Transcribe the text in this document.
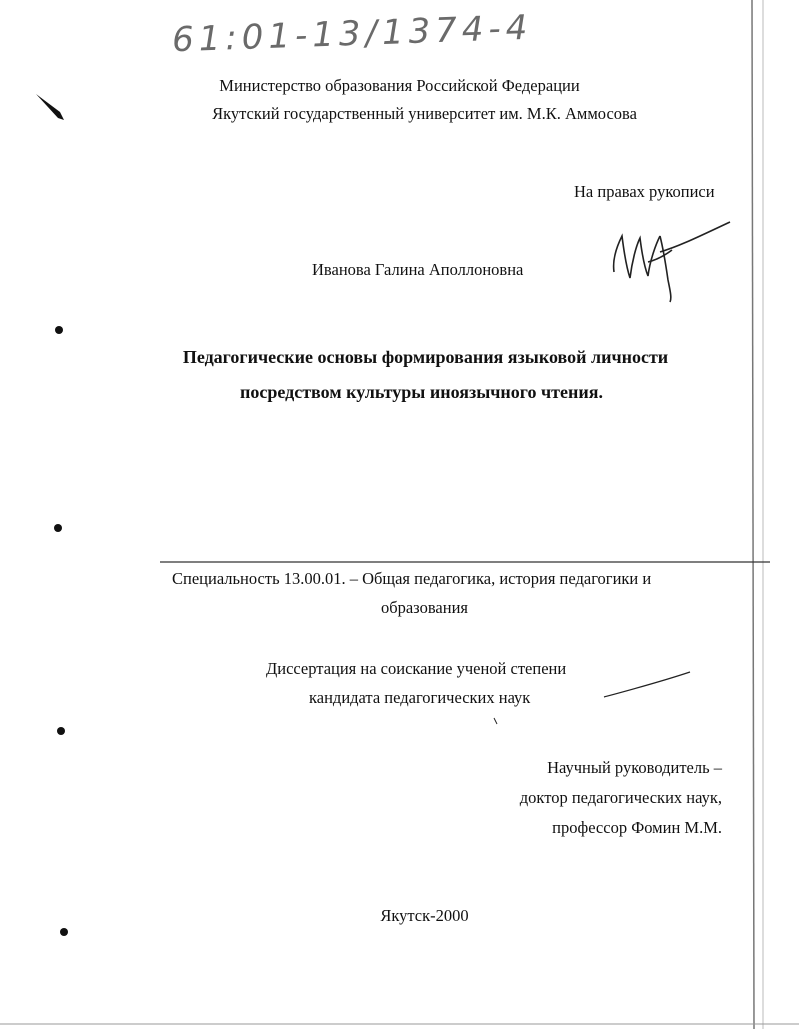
61:01-13/1374-4
Министерство образования Российской Федерации
Якутский государственный университет им. М.К. Аммосова
На правах рукописи
Иванова Галина Аполлоновна
Педагогические основы формирования языковой личности
посредством культуры иноязычного чтения.
Специальность 13.00.01. – Общая педагогика, история педагогики и
образования
Диссертация на соискание ученой степени
кандидата педагогических наук
Научный руководитель –
доктор педагогических наук,
профессор Фомин М.М.
Якутск-2000
